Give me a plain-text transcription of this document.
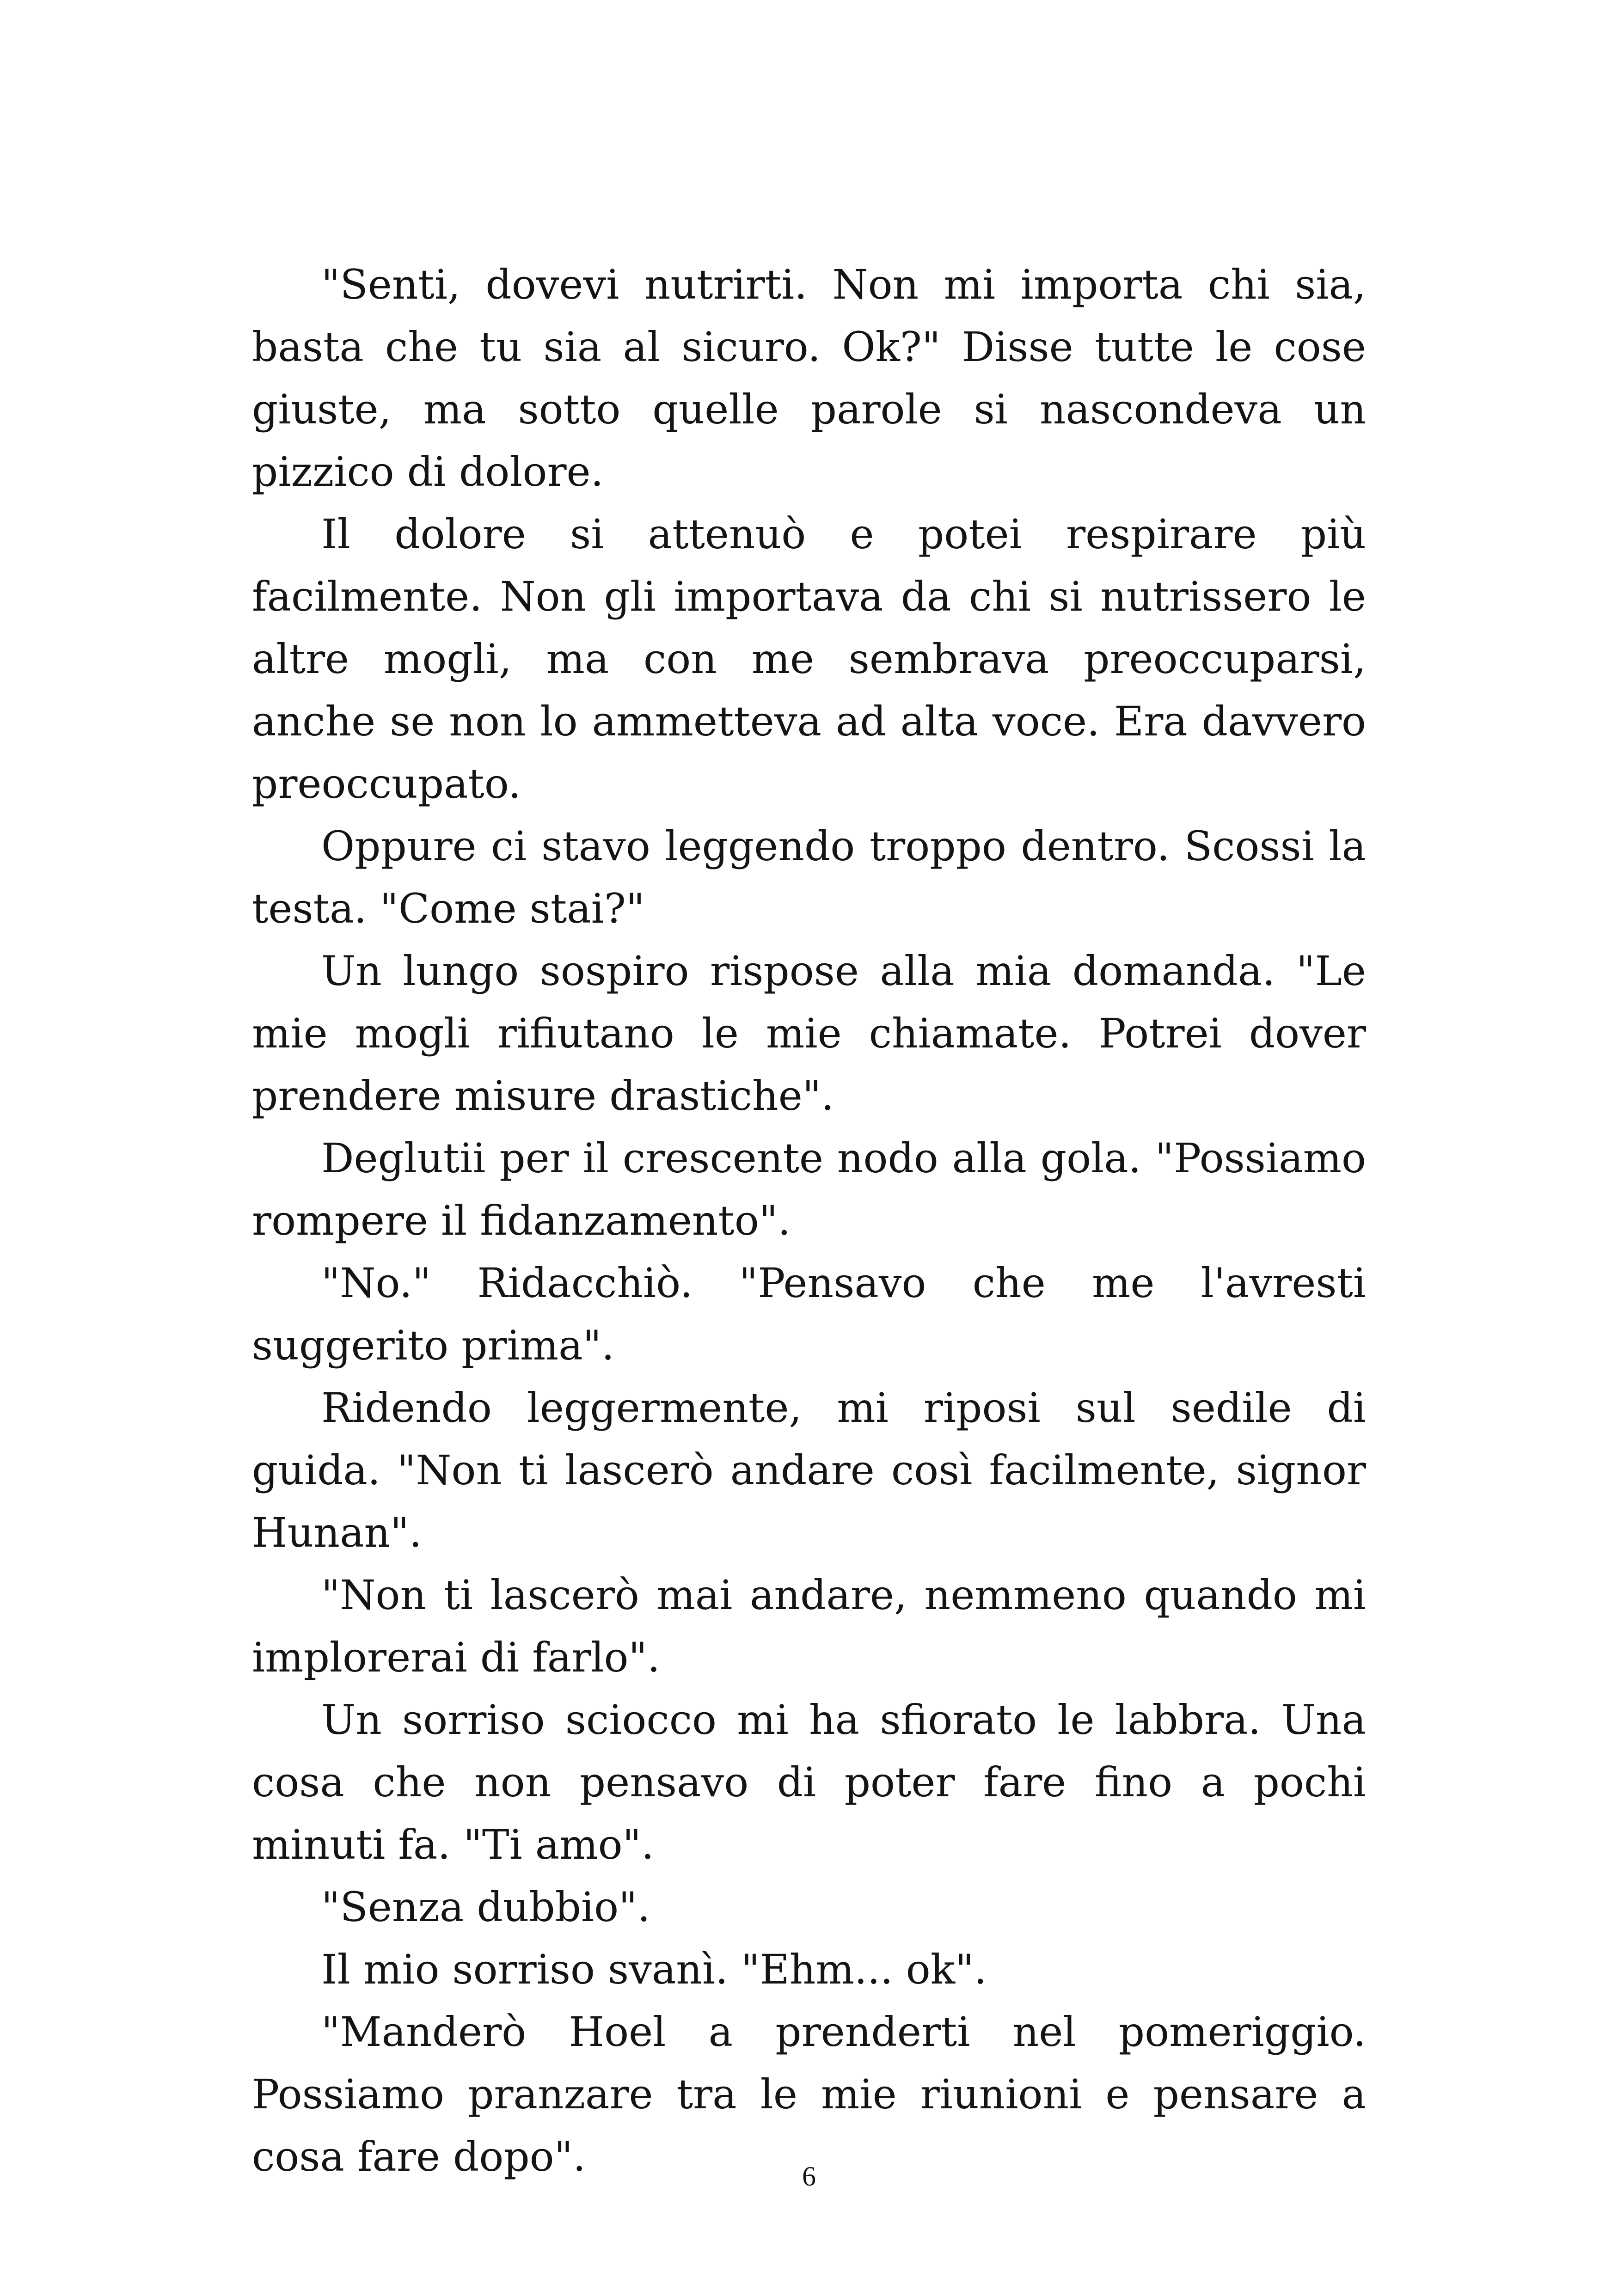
"Senti, dovevi nutrirti. Non mi importa chi sia, basta che tu sia al sicuro. Ok?" Disse tutte le cose giuste, ma sotto quelle parole si nascondeva un pizzico di dolore.

Il dolore si attenuò e potei respirare più facilmente. Non gli importava da chi si nutrissero le altre mogli, ma con me sembrava preoccuparsi, anche se non lo ammetteva ad alta voce. Era davvero preoccupato.

Oppure ci stavo leggendo troppo dentro. Scossi la testa. "Come stai?"

Un lungo sospiro rispose alla mia domanda. "Le mie mogli rifiutano le mie chiamate. Potrei dover prendere misure drastiche".

Deglutii per il crescente nodo alla gola. "Possiamo rompere il fidanzamento".

"No." Ridacchiò. "Pensavo che me l'avresti suggerito prima".

Ridendo leggermente, mi riposi sul sedile di guida. "Non ti lascerò andare così facilmente, signor Hunan".

"Non ti lascerò mai andare, nemmeno quando mi implorerai di farlo".

Un sorriso sciocco mi ha sfiorato le labbra. Una cosa che non pensavo di poter fare fino a pochi minuti fa. "Ti amo".

"Senza dubbio".

Il mio sorriso svanì. "Ehm... ok".

"Manderò Hoel a prenderti nel pomeriggio. Possiamo pranzare tra le mie riunioni e pensare a cosa fare dopo".	6
